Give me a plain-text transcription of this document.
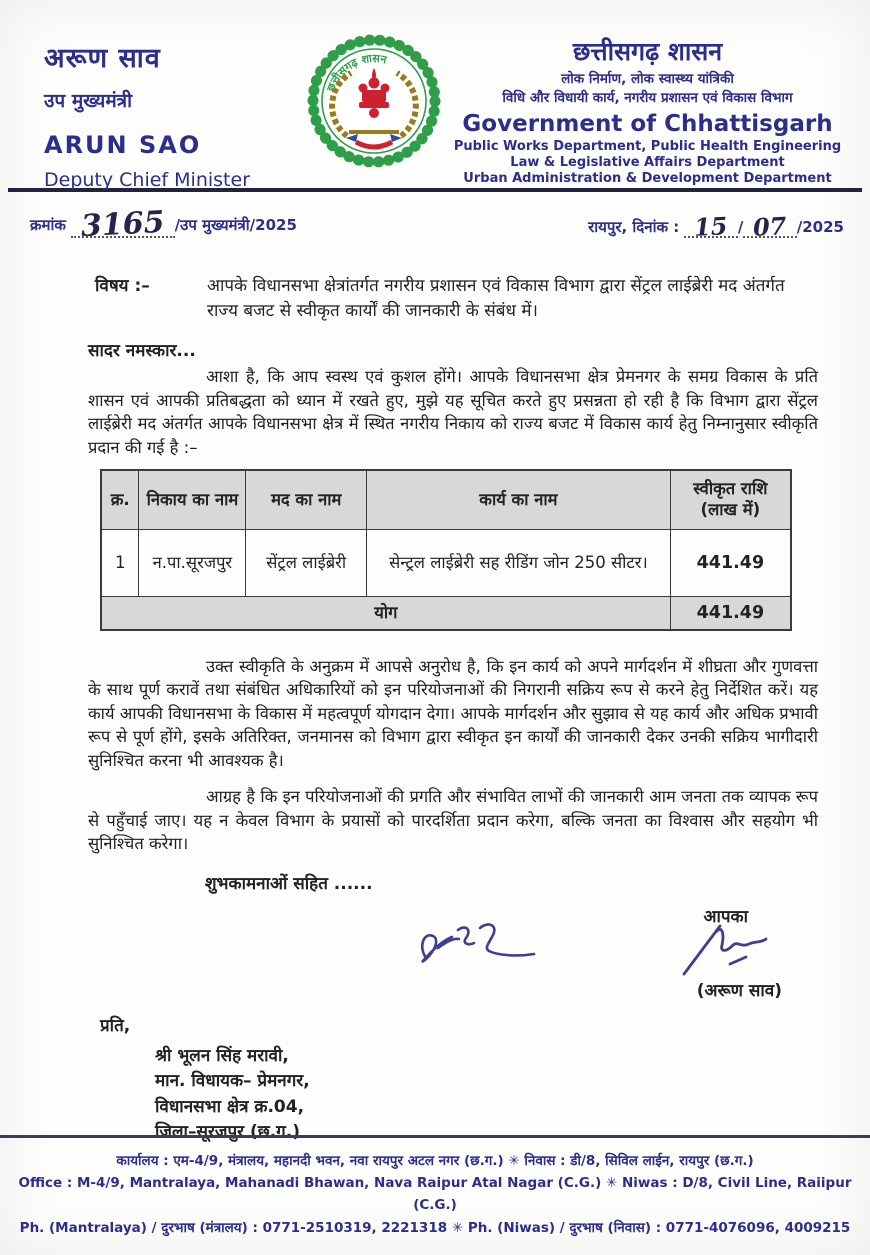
अरूण साव
उप मुख्यमंत्री
ARUN SAO
Deputy Chief Minister
छत्तीसगढ़ शासन	छत्तीसगढ़ शासन
लोक निर्माण, लोक स्वास्थ्य यांत्रिकी
विधि और विधायी कार्य, नगरीय प्रशासन एवं विकास विभाग
Government of Chhattisgarh
Public Works Department, Public Health Engineering
Law & Legislative Affairs Department
Urban Administration & Development Department
क्रमांक 3165 /उप मुख्यमंत्री/2025	रायपुर, दिनांक : 15 / 07 /2025
विषय :–	आपके विधानसभा क्षेत्रांतर्गत नगरीय प्रशासन एवं विकास विभाग द्वारा सेंट्रल लाईब्रेरी मद अंतर्गत राज्य बजट से स्वीकृत कार्यों की जानकारी के संबंध में।
सादर नमस्कार...

आशा है, कि आप स्वस्थ एवं कुशल होंगे। आपके विधानसभा क्षेत्र प्रेमनगर के समग्र विकास के प्रति शासन एवं आपकी प्रतिबद्धता को ध्यान में रखते हुए, मुझे यह सूचित करते हुए प्रसन्नता हो रही है कि विभाग द्वारा सेंट्रल लाईब्रेरी मद अंतर्गत आपके विधानसभा क्षेत्र में स्थित नगरीय निकाय को राज्य बजट में विकास कार्य हेतु निम्नानुसार स्वीकृति प्रदान की गई है :–

क्र.	निकाय का नाम	मद का नाम	कार्य का नाम	स्वीकृत राशि (लाख में)
1	न.पा.सूरजपुर	सेंट्रल लाईब्रेरी	सेन्ट्रल लाईब्रेरी सह रीडिंग जोन 250 सीटर।	441.49
योग				441.49

उक्त स्वीकृति के अनुक्रम में आपसे अनुरोध है, कि इन कार्य को अपने मार्गदर्शन में शीघ्रता और गुणवत्ता के साथ पूर्ण करावें तथा संबंधित अधिकारियों को इन परियोजनाओं की निगरानी सक्रिय रूप से करने हेतु निर्देशित करें। यह कार्य आपकी विधानसभा के विकास में महत्वपूर्ण योगदान देगा। आपके मार्गदर्शन और सुझाव से यह कार्य और अधिक प्रभावी रूप से पूर्ण होंगे, इसके अतिरिक्त, जनमानस को विभाग द्वारा स्वीकृत इन कार्यों की जानकारी देकर उनकी सक्रिय भागीदारी सुनिश्चित करना भी आवश्यक है।

आग्रह है कि इन परियोजनाओं की प्रगति और संभावित लाभों की जानकारी आम जनता तक व्यापक रूप से पहुँचाई जाए। यह न केवल विभाग के प्रयासों को पारदर्शिता प्रदान करेगा, बल्कि जनता का विश्वास और सहयोग भी सुनिश्चित करेगा।

शुभकामनाओं सहित ......
आपका
(अरूण साव)
प्रति,
श्री भूलन सिंह मरावी,
मान. विधायक– प्रेमनगर,
विधानसभा क्षेत्र क्र.04,
जिला–सूरजपुर (छ.ग.)
कार्यालय : एम-4/9, मंत्रालय, महानदी भवन, नवा रायपुर अटल नगर (छ.ग.) ✳ निवास : डी/8, सिविल लाईन, रायपुर (छ.ग.)
Office : M-4/9, Mantralaya, Mahanadi Bhawan, Nava Raipur Atal Nagar (C.G.) ✳ Niwas : D/8, Civil Line, Raiipur (C.G.)
Ph. (Mantralaya) / दुरभाष (मंत्रालय) : 0771-2510319, 2221318 ✳ Ph. (Niwas) / दुरभाष (निवास) : 0771-4076096, 4009215
